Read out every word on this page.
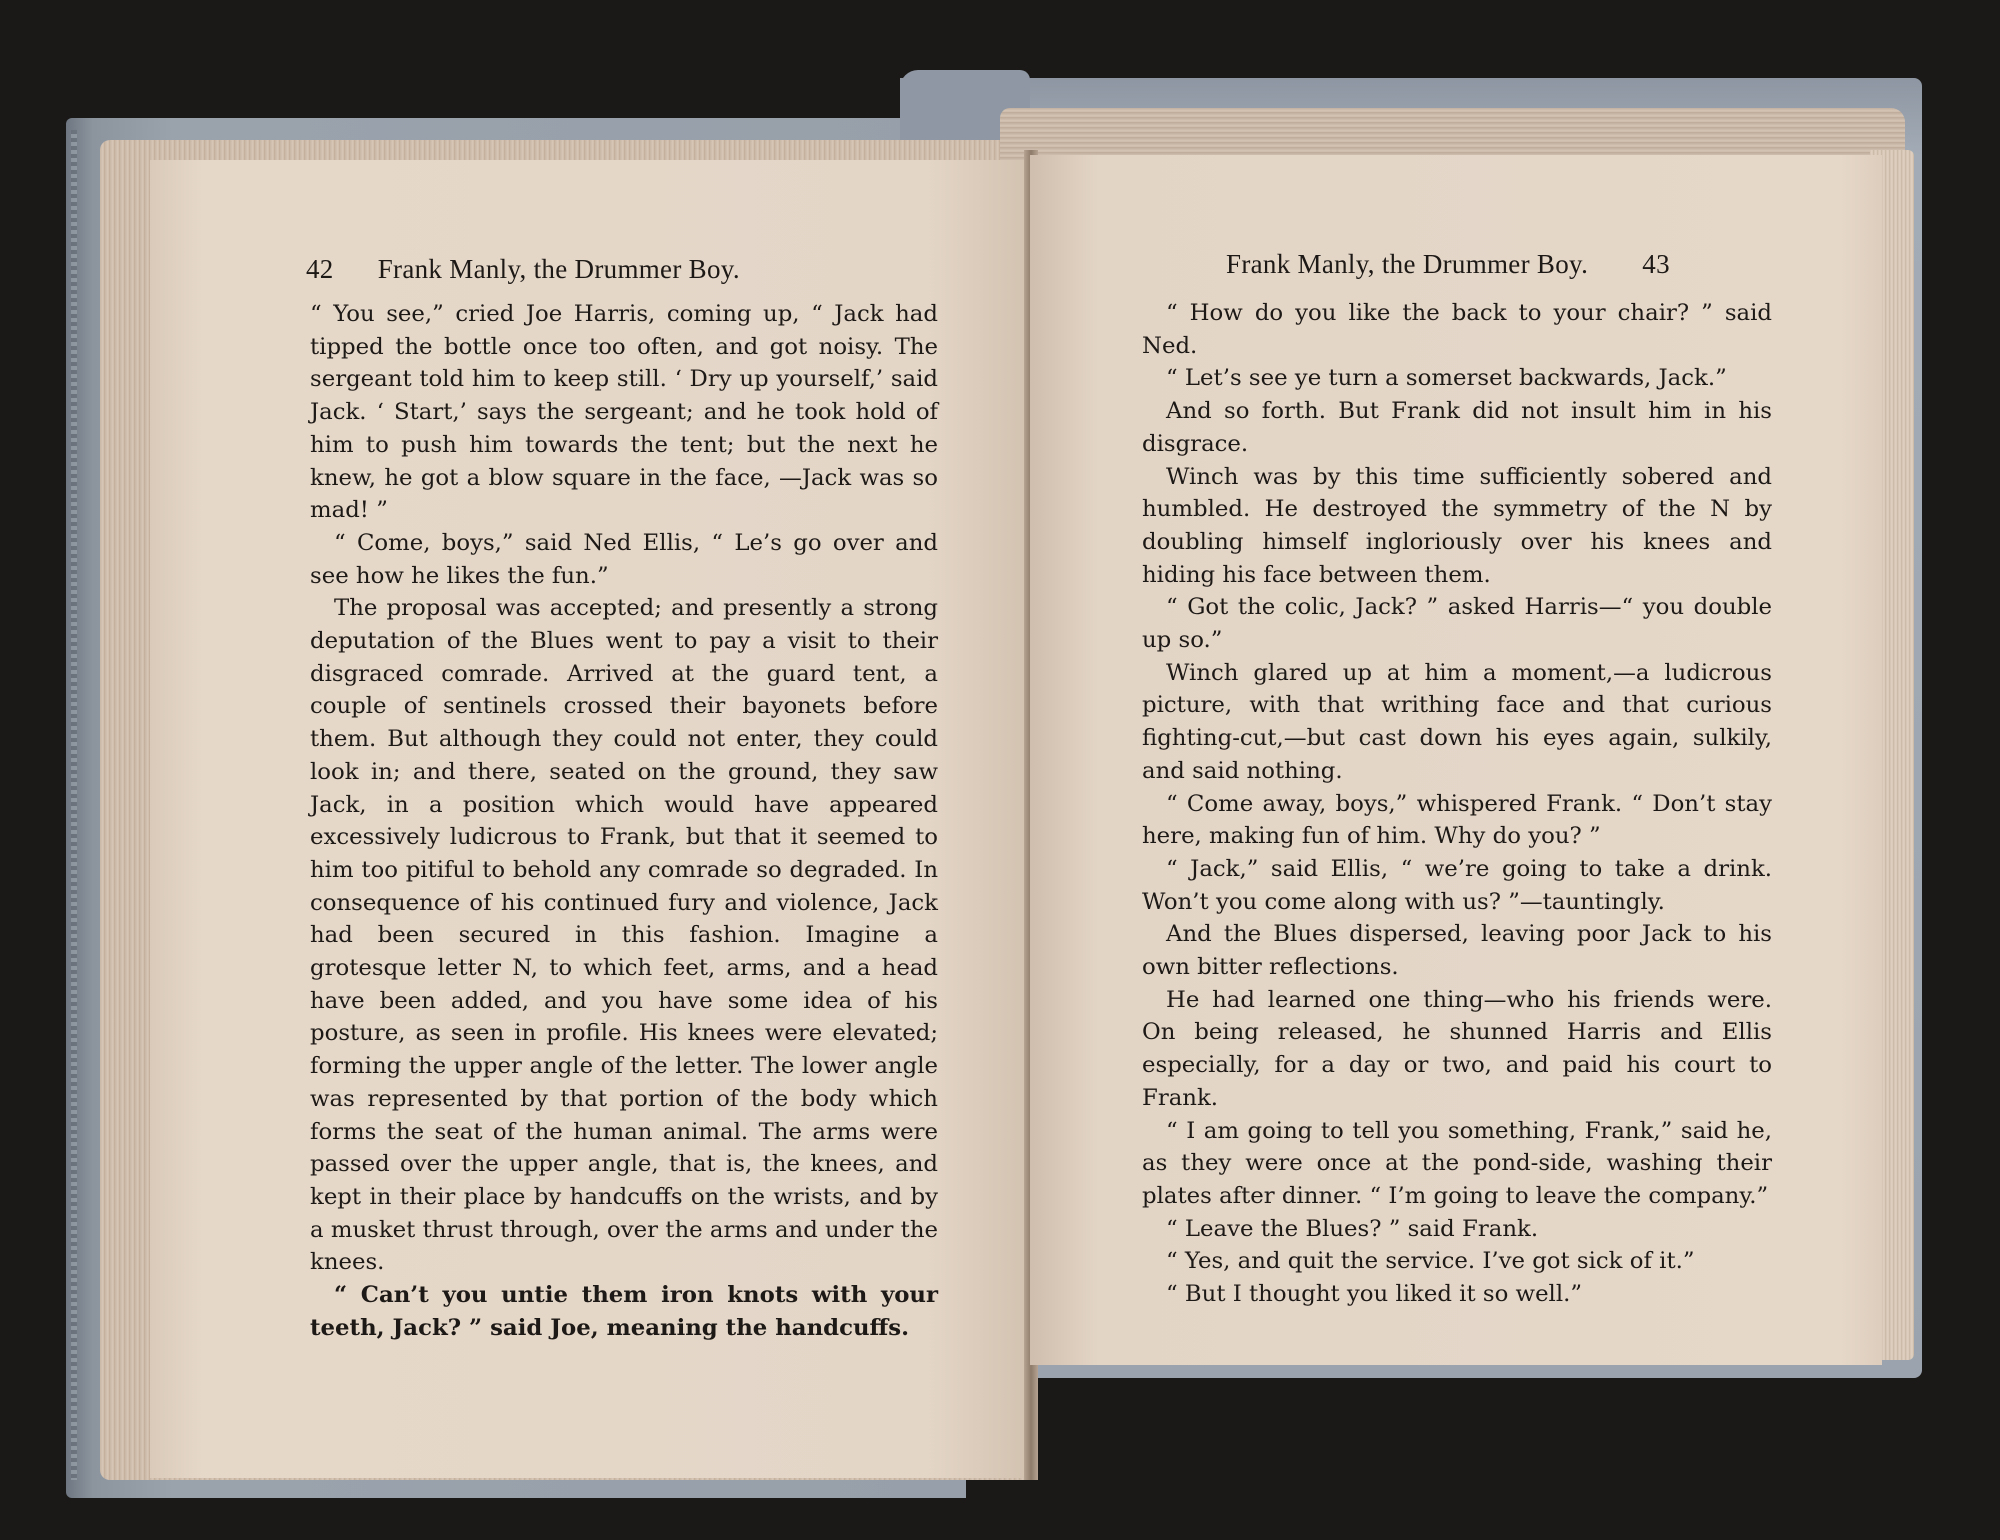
42 Frank Manly, the Drummer Boy.

“ You see,” cried Joe Harris, coming up, “ Jack had tipped the bottle once too often, and got noisy. The sergeant told him to keep still. ‘ Dry up yourself,’ said Jack. ‘ Start,’ says the sergeant; and he took hold of him to push him towards the tent; but the next he knew, he got a blow square in the face, —Jack was so mad! ”

“ Come, boys,” said Ned Ellis, “ Le’s go over and see how he likes the fun.”

The proposal was accepted; and presently a strong deputation of the Blues went to pay a visit to their disgraced comrade. Arrived at the guard tent, a couple of sentinels crossed their bayonets before them. But although they could not enter, they could look in; and there, seated on the ground, they saw Jack, in a position which would have appeared excessively ludicrous to Frank, but that it seemed to him too pitiful to behold any comrade so degraded. In consequence of his continued fury and violence, Jack had been secured in this fashion. Imagine a grotesque letter N, to which feet, arms, and a head have been added, and you have some idea of his posture, as seen in profile. His knees were elevated; forming the upper angle of the letter. The lower angle was represented by that portion of the body which forms the seat of the human animal. The arms were passed over the upper angle, that is, the knees, and kept in their place by handcuffs on the wrists, and by a musket thrust through, over the arms and under the knees.

“ Can’t you untie them iron knots with your teeth, Jack? ” said Joe, meaning the handcuffs.

Frank Manly, the Drummer Boy. 43

“ How do you like the back to your chair? ” said Ned.

“ Let’s see ye turn a somerset backwards, Jack.”

And so forth. But Frank did not insult him in his disgrace.

Winch was by this time sufficiently sobered and humbled. He destroyed the symmetry of the N by doubling himself ingloriously over his knees and hiding his face between them.

“ Got the colic, Jack? ” asked Harris—“ you double up so.”

Winch glared up at him a moment,—a ludicrous picture, with that writhing face and that curious fighting-cut,—but cast down his eyes again, sulkily, and said nothing.

“ Come away, boys,” whispered Frank. “ Don’t stay here, making fun of him. Why do you? ”

“ Jack,” said Ellis, “ we’re going to take a drink. Won’t you come along with us? ”—tauntingly.

And the Blues dispersed, leaving poor Jack to his own bitter reflections.

He had learned one thing—who his friends were. On being released, he shunned Harris and Ellis especially, for a day or two, and paid his court to Frank.

“ I am going to tell you something, Frank,” said he, as they were once at the pond-side, washing their plates after dinner. “ I’m going to leave the company.”

“ Leave the Blues? ” said Frank.

“ Yes, and quit the service. I’ve got sick of it.”

“ But I thought you liked it so well.”
